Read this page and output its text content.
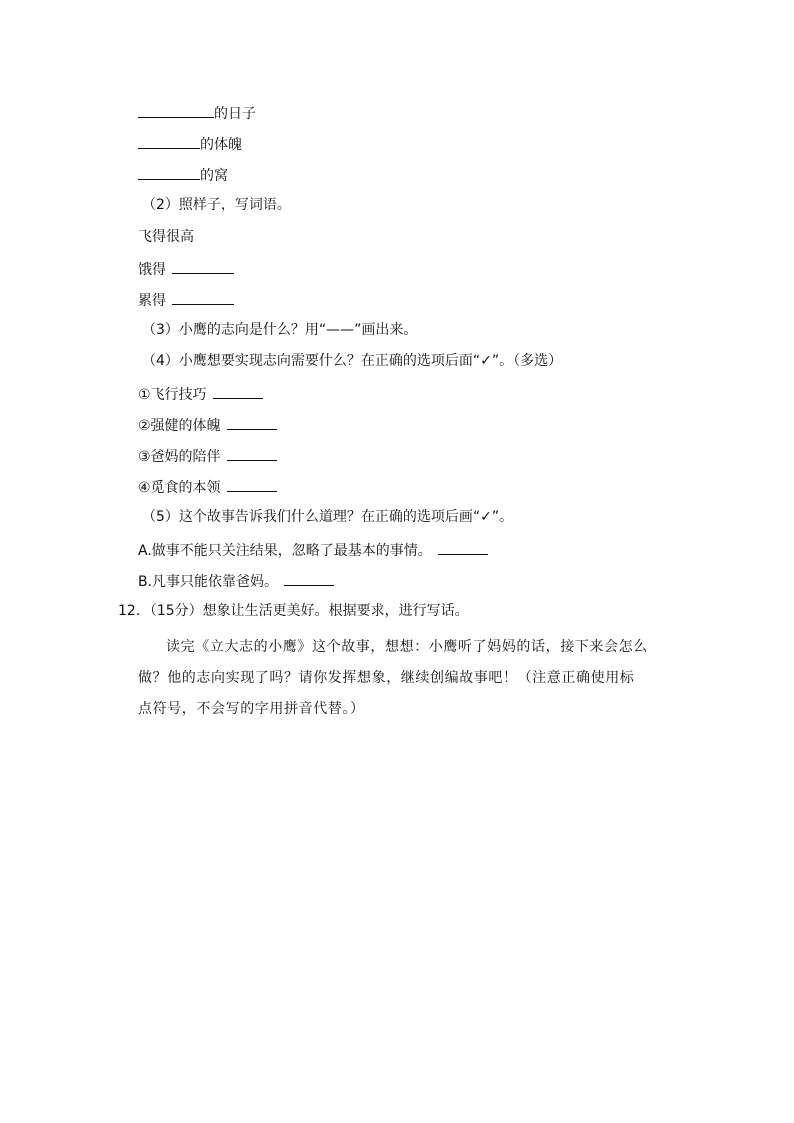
的日子
的体魄
的窝
（2）照样子，写词语。
飞得很高
饿得
累得
（3）小鹰的志向是什么？用“——”画出来。
（4）小鹰想要实现志向需要什么？在正确的选项后面“✓”。（多选）
①飞行技巧
②强健的体魄
③爸妈的陪伴
④觅食的本领
（5）这个故事告诉我们什么道理？在正确的选项后画“✓”。
A.做事不能只关注结果，忽略了最基本的事情。
B.凡事只能依靠爸妈。
12．（15分）想象让生活更美好。根据要求，进行写话。
读完《立大志的小鹰》这个故事，想想：小鹰听了妈妈的话，接下来会怎么做？他的志向实现了吗？请你发挥想象，继续创编故事吧！（注意正确使用标点符号，不会写的字用拼音代替。）
